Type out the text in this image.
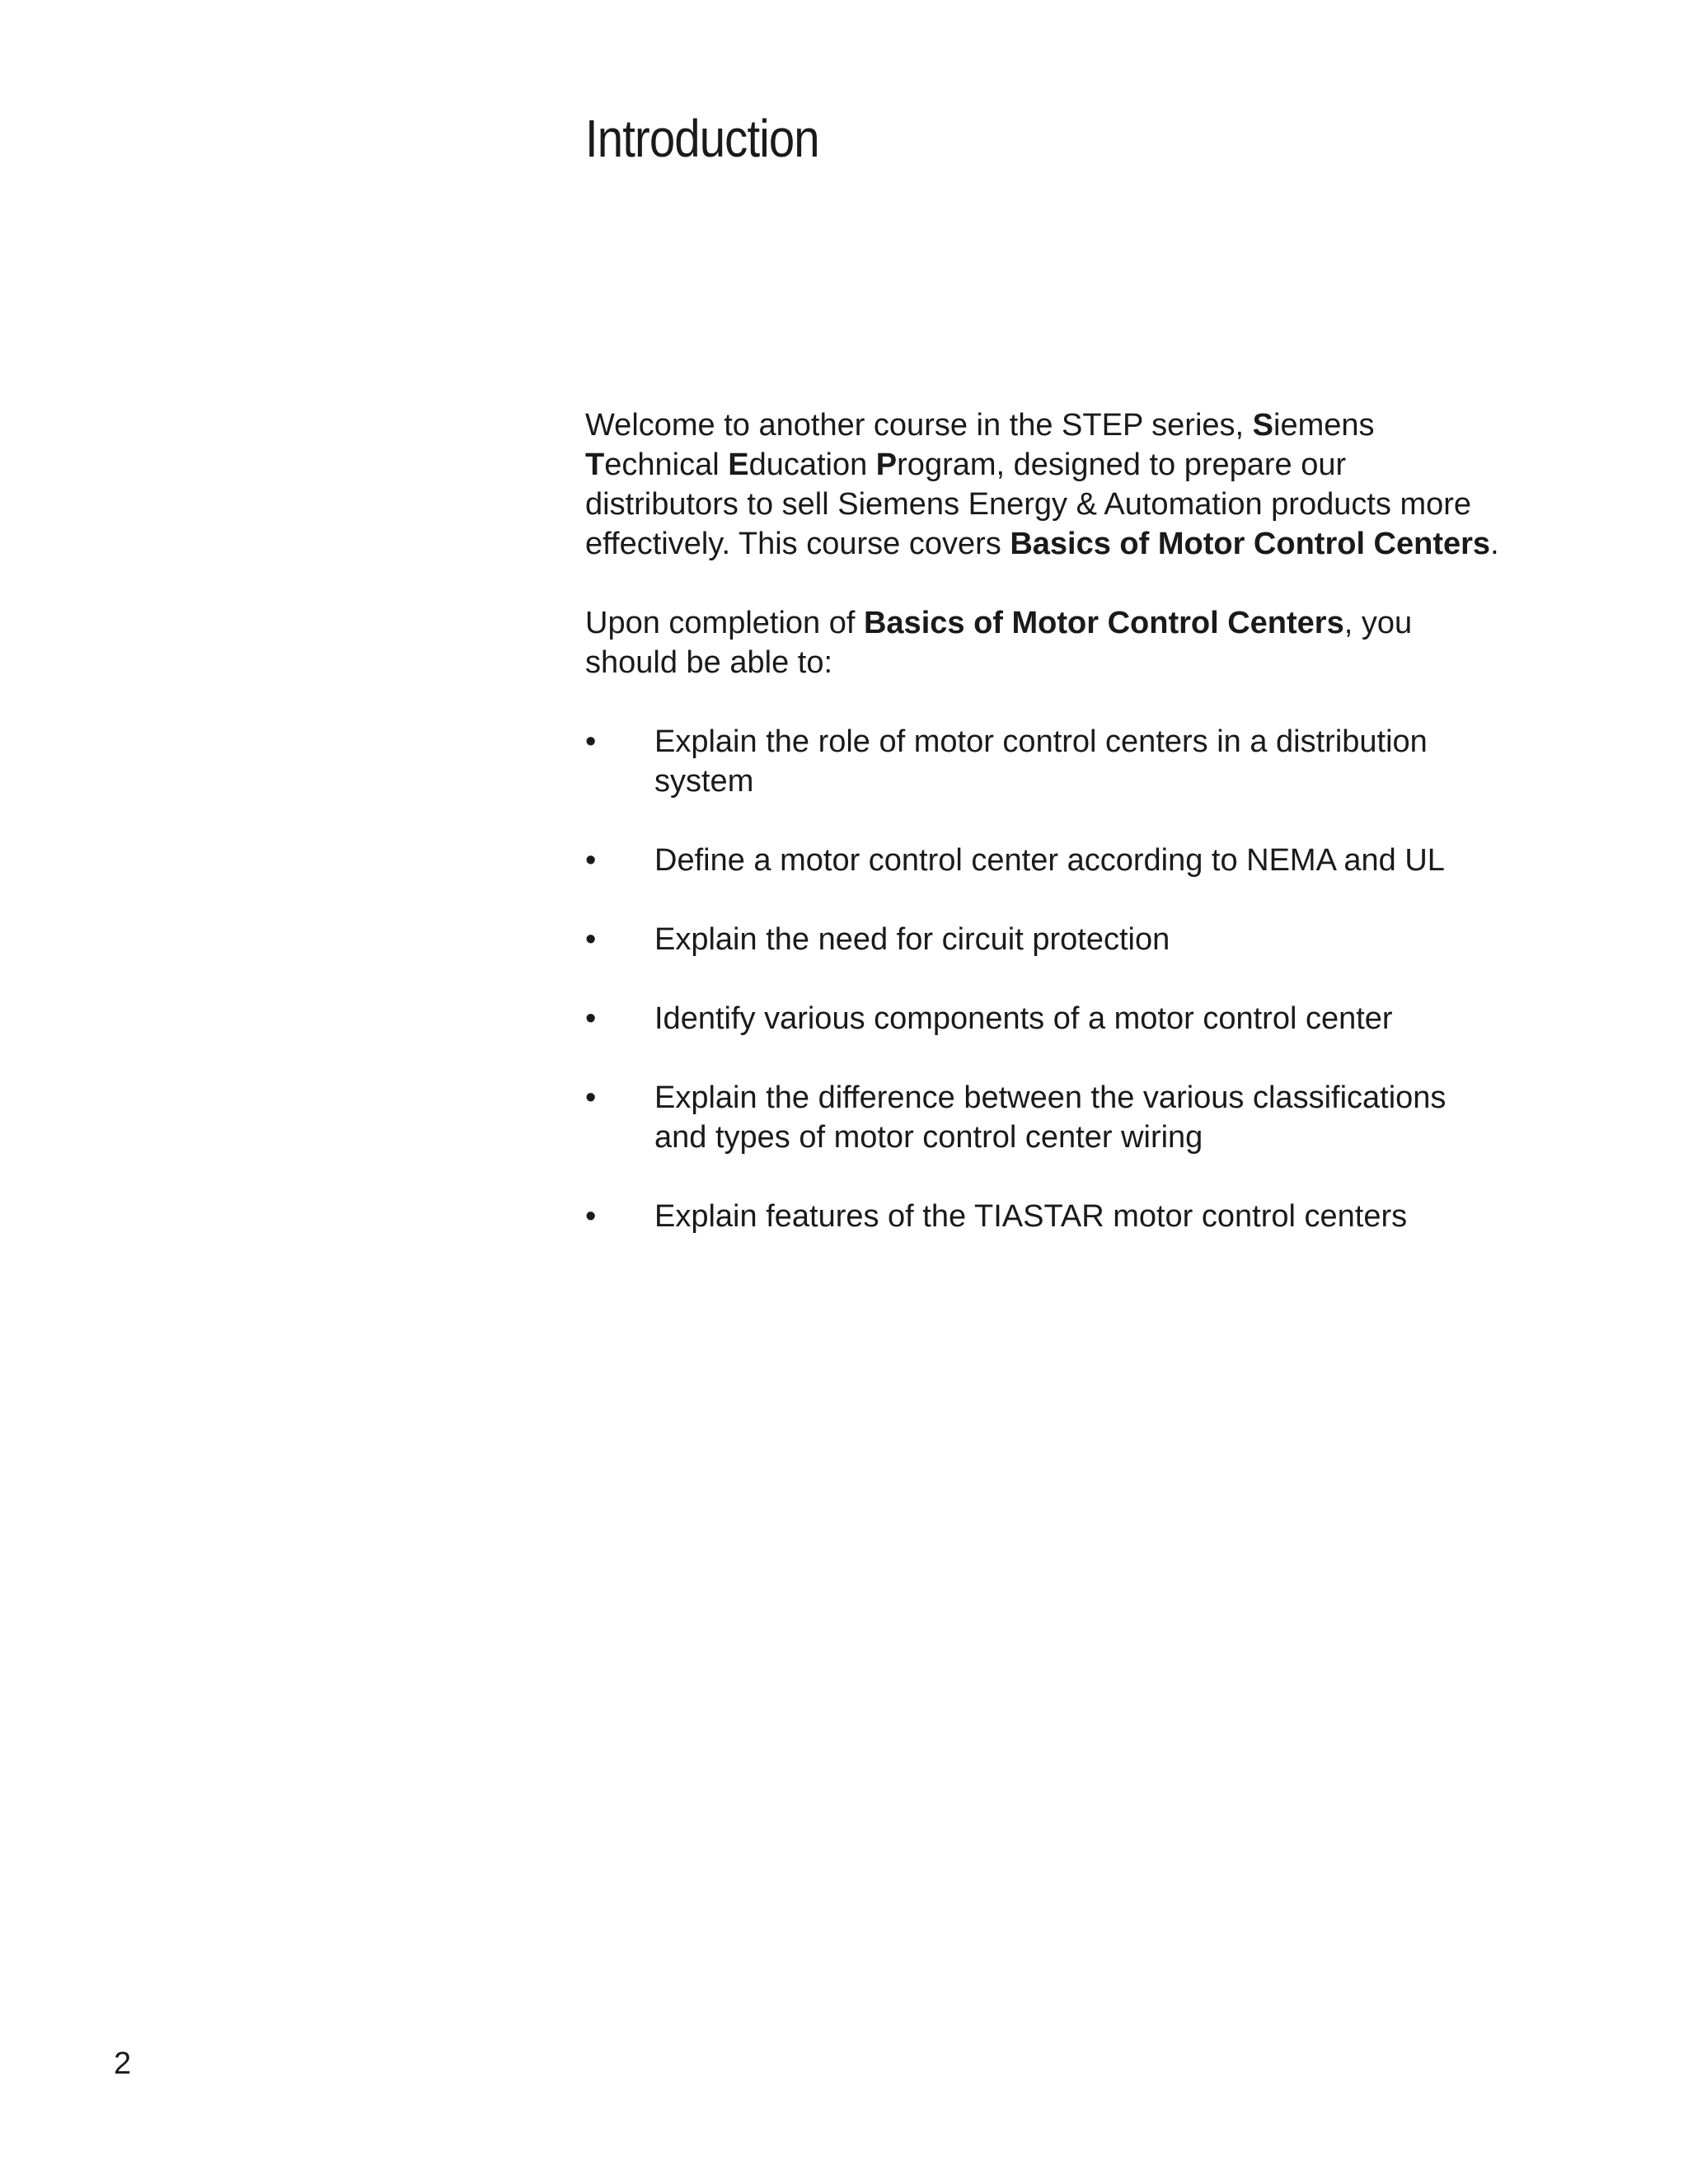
Introduction

Welcome to another course in the STEP series, Siemens Technical Education Program, designed to prepare our distributors to sell Siemens Energy & Automation products more effectively. This course covers Basics of Motor Control Centers.

Upon completion of Basics of Motor Control Centers, you should be able to:

• Explain the role of motor control centers in a distribution system
• Define a motor control center according to NEMA and UL
• Explain the need for circuit protection
• Identify various components of a motor control center
• Explain the difference between the various classifications and types of motor control center wiring
• Explain features of the TIASTAR motor control centers
2
